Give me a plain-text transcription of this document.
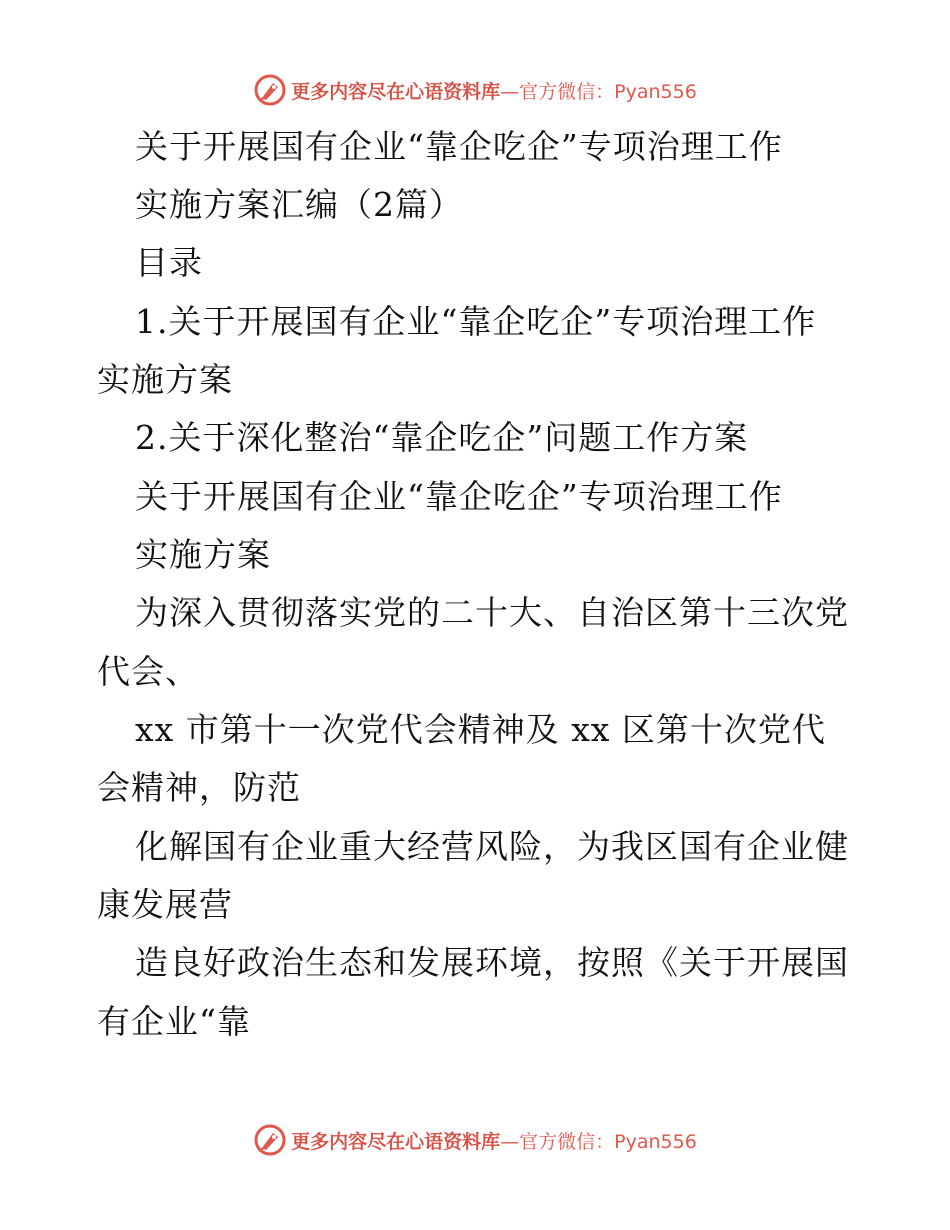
更多内容尽在心语资料库—官方微信：Pyan556
关于开展国有企业“靠企吃企”专项治理工作
实施方案汇编（2篇）
目录
1.关于开展国有企业“靠企吃企”专项治理工作
实施方案
2.关于深化整治“靠企吃企”问题工作方案
关于开展国有企业“靠企吃企”专项治理工作
实施方案
为深入贯彻落实党的二十大、自治区第十三次党
代会、
xx 市第十一次党代会精神及 xx 区第十次党代
会精神，防范
化解国有企业重大经营风险，为我区国有企业健
康发展营
造良好政治生态和发展环境，按照《关于开展国
有企业“靠
更多内容尽在心语资料库—官方微信：Pyan556
